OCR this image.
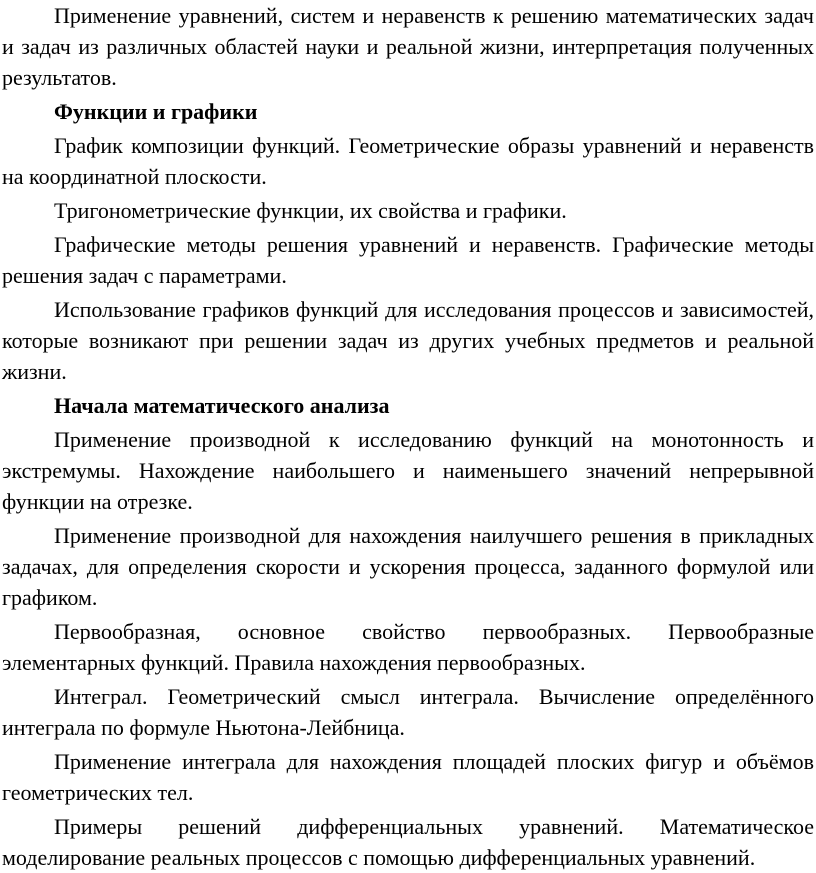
Применение уравнений, систем и неравенств к решению математических задач и задач из различных областей науки и реальной жизни, интерпретация полученных результатов.

Функции и графики

График композиции функций. Геометрические образы уравнений и неравенств на координатной плоскости.

Тригонометрические функции, их свойства и графики.

Графические методы решения уравнений и неравенств. Графические методы решения задач с параметрами.

Использование графиков функций для исследования процессов и зависимостей, которые возникают при решении задач из других учебных предметов и реальной жизни.

Начала математического анализа

Применение производной к исследованию функций на монотонность и экстремумы. Нахождение наибольшего и наименьшего значений непрерывной функции на отрезке.

Применение производной для нахождения наилучшего решения в прикладных задачах, для определения скорости и ускорения процесса, заданного формулой или графиком.

Первообразная, основное свойство первообразных. Первообразные элементарных функций. Правила нахождения первообразных.

Интеграл. Геометрический смысл интеграла. Вычисление определённого интеграла по формуле Ньютона-Лейбница.

Применение интеграла для нахождения площадей плоских фигур и объёмов геометрических тел.

Примеры решений дифференциальных уравнений. Математическое моделирование реальных процессов с помощью дифференциальных уравнений.
